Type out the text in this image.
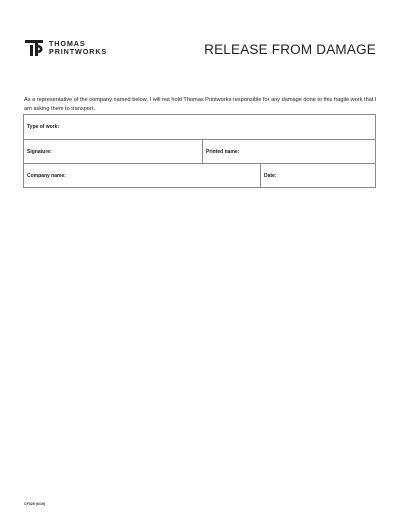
THOMAS
PRINTWORKS	RELEASE FROM DAMAGE

As a representative of the company named below, I will not hold Thomas Printworks responsible for any damage done to this fragile work that I am asking them to transport.

Type of work:
Signature:	Printed name:
Company name:	Date:
CF025 (6/19)
